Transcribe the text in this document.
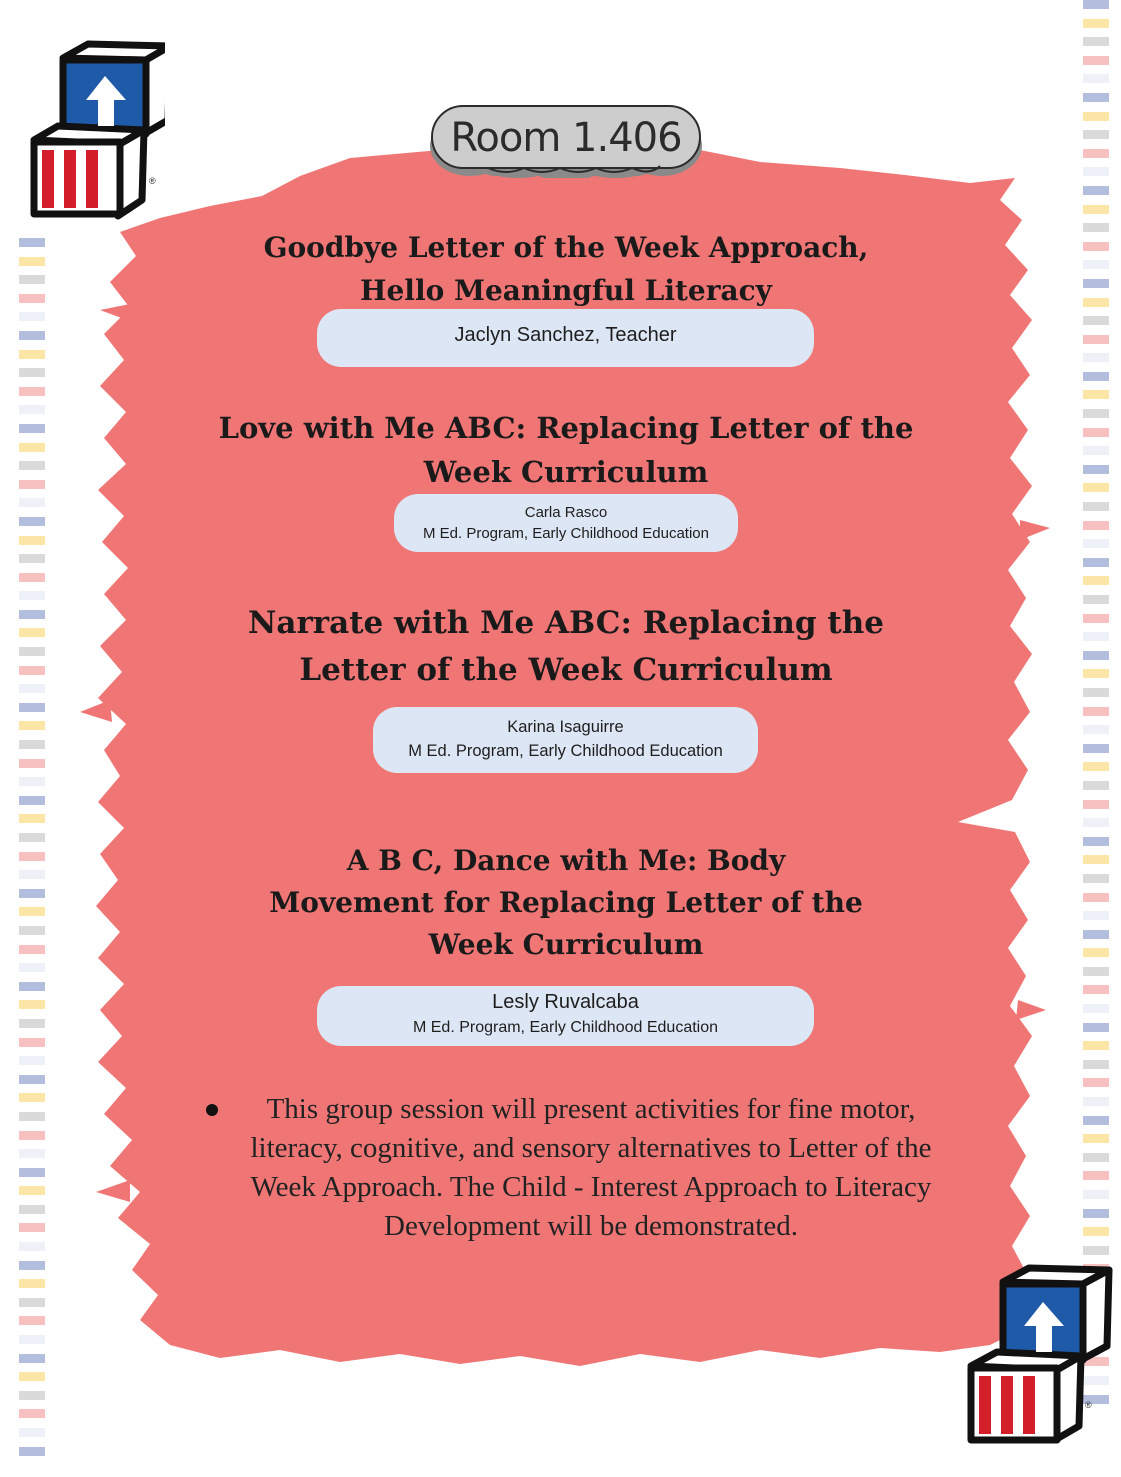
Room 1.406
Goodbye Letter of the Week Approach,
Hello Meaningful Literacy
Jaclyn Sanchez, Teacher
Love with Me ABC: Replacing Letter of the
Week Curriculum
Carla Rasco
M Ed. Program, Early Childhood Education
Narrate with Me ABC: Replacing the
Letter of the Week Curriculum
Karina Isaguirre
M Ed. Program, Early Childhood Education
A B C, Dance with Me: Body
Movement for Replacing Letter of the
Week Curriculum
Lesly Ruvalcaba
M Ed. Program, Early Childhood Education
This group session will present activities for fine motor, literacy, cognitive, and sensory alternatives to Letter of the Week Approach. The Child - Interest Approach to Literacy Development will be demonstrated.
®
®
